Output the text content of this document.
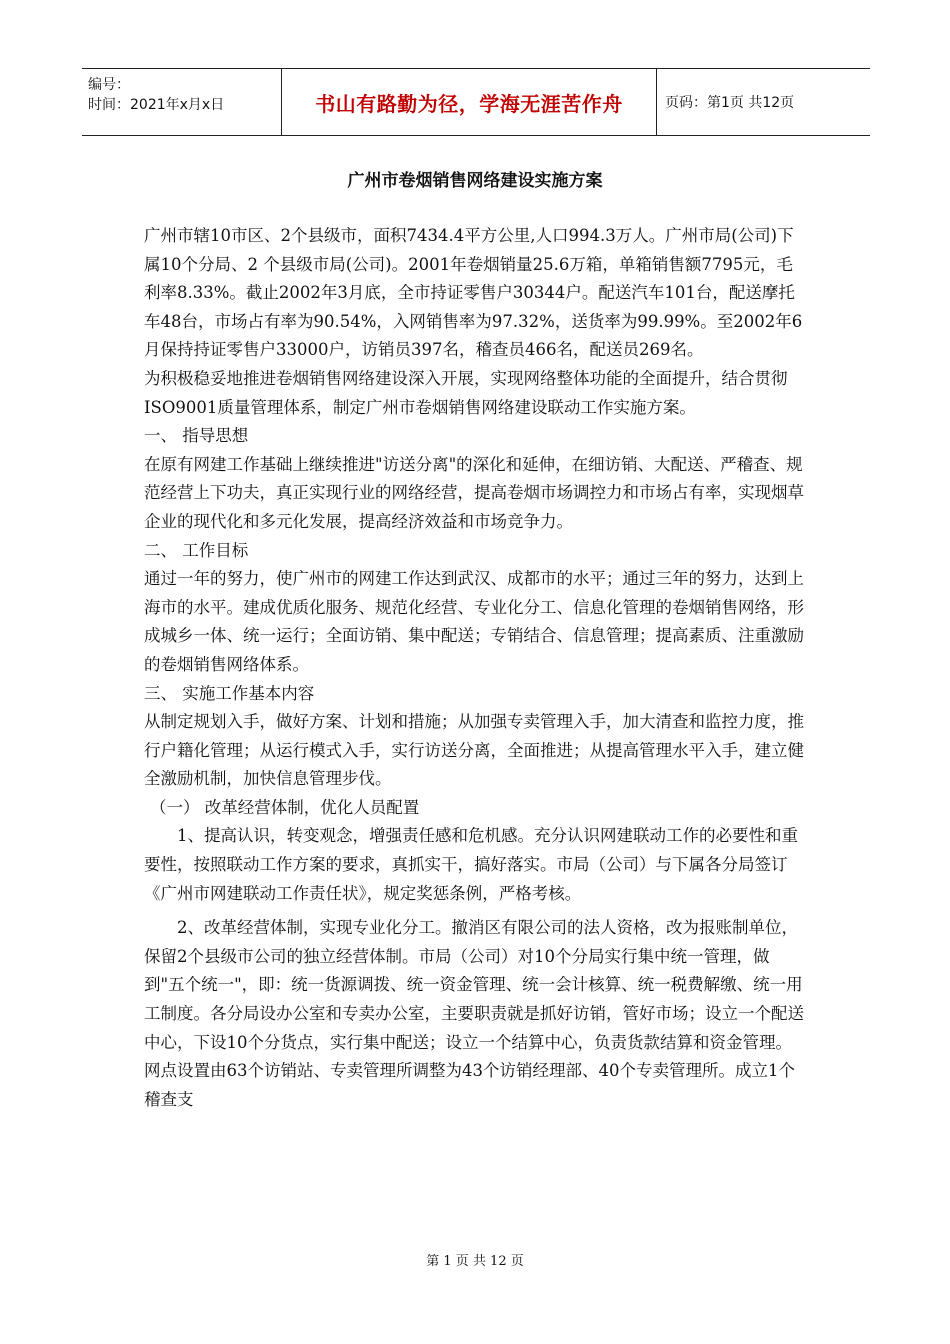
编号：
时间：2021年x月x日	书山有路勤为径，学海无涯苦作舟	页码：第1页 共12页
广州市卷烟销售网络建设实施方案

广州市辖10市区、2个县级市，面积7434.4平方公里,人口994.3万人。广州市局(公司)下属10个分局、2 个县级市局(公司)。2001年卷烟销量25.6万箱，单箱销售额7795元，毛利率8.33%。截止2002年3月底，全市持证零售户30344户。配送汽车101台，配送摩托车48台，市场占有率为90.54%，入网销售率为97.32%，送货率为99.99%。至2002年6月保持持证零售户33000户，访销员397名，稽查员466名，配送员269名。

为积极稳妥地推进卷烟销售网络建设深入开展，实现网络整体功能的全面提升，结合贯彻ISO9001质量管理体系，制定广州市卷烟销售网络建设联动工作实施方案。

一、 指导思想

在原有网建工作基础上继续推进"访送分离"的深化和延伸，在细访销、大配送、严稽查、规范经营上下功夫，真正实现行业的网络经营，提高卷烟市场调控力和市场占有率，实现烟草企业的现代化和多元化发展，提高经济效益和市场竞争力。

二、 工作目标

通过一年的努力，使广州市的网建工作达到武汉、成都市的水平；通过三年的努力，达到上海市的水平。建成优质化服务、规范化经营、专业化分工、信息化管理的卷烟销售网络，形成城乡一体、统一运行；全面访销、集中配送；专销结合、信息管理；提高素质、注重激励的卷烟销售网络体系。

三、 实施工作基本内容

从制定规划入手，做好方案、计划和措施；从加强专卖管理入手，加大清查和监控力度，推行户籍化管理；从运行模式入手，实行访送分离，全面推进；从提高管理水平入手，建立健全激励机制，加快信息管理步伐。

（一） 改革经营体制，优化人员配置

1、提高认识，转变观念，增强责任感和危机感。充分认识网建联动工作的必要性和重要性，按照联动工作方案的要求，真抓实干，搞好落实。市局（公司）与下属各分局签订《广州市网建联动工作责任状》，规定奖惩条例，严格考核。

2、改革经营体制，实现专业化分工。撤消区有限公司的法人资格，改为报账制单位，保留2个县级市公司的独立经营体制。市局（公司）对10个分局实行集中统一管理，做到"五个统一"，即：统一货源调拨、统一资金管理、统一会计核算、统一税费解缴、统一用工制度。各分局设办公室和专卖办公室，主要职责就是抓好访销，管好市场；设立一个配送中心，下设10个分货点，实行集中配送；设立一个结算中心，负责货款结算和资金管理。网点设置由63个访销站、专卖管理所调整为43个访销经理部、40个专卖管理所。成立1个稽查支

第 1 页 共 12 页
